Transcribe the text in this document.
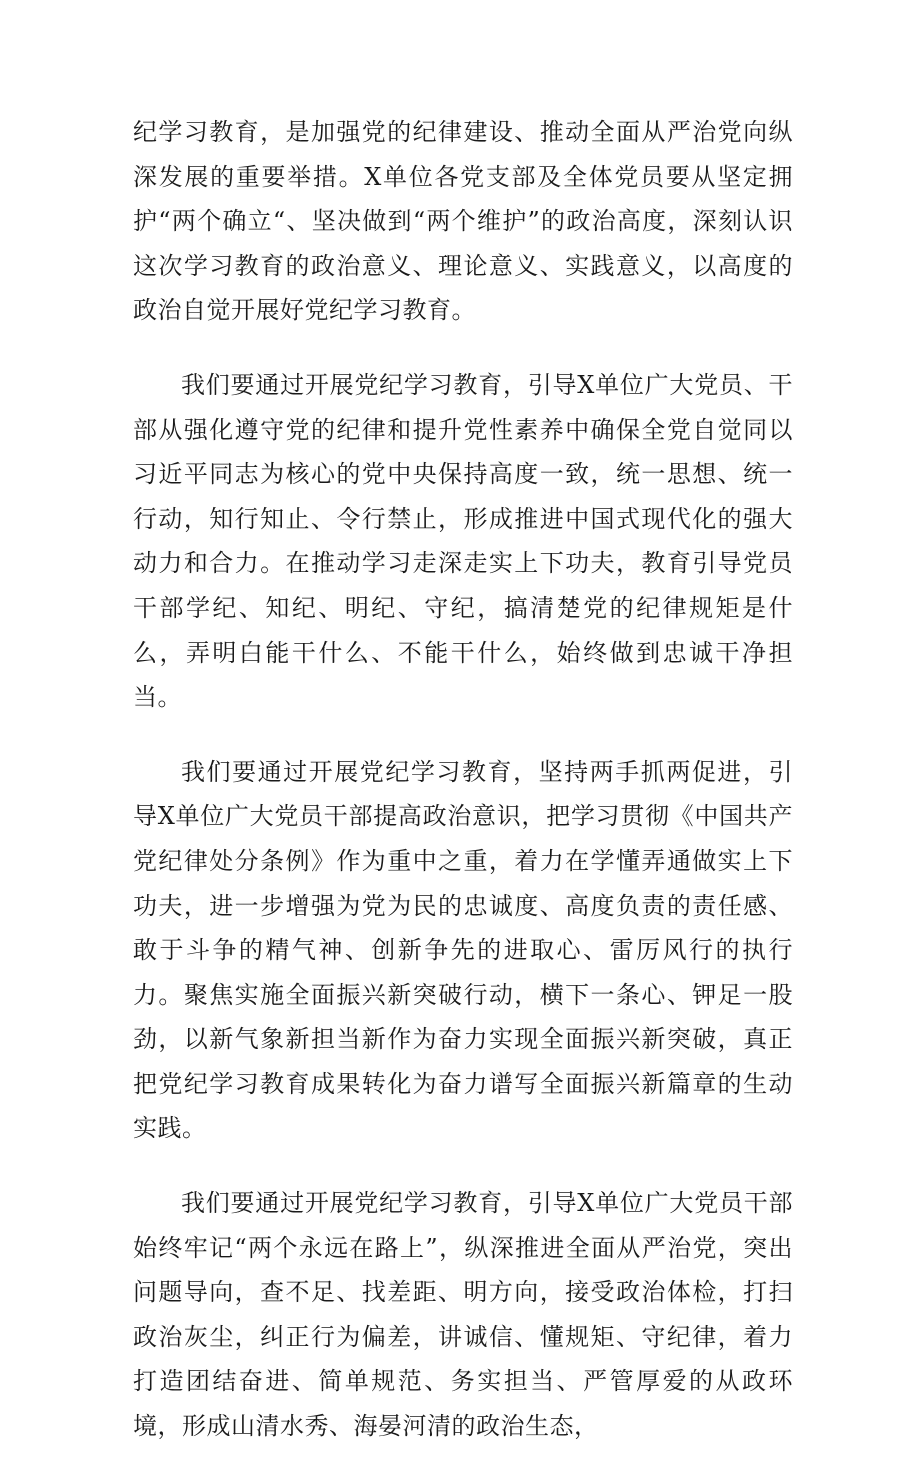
纪学习教育，是加强党的纪律建设、推动全面从严治党向纵深发展的重要举措。X单位各党支部及全体党员要从坚定拥护“两个确立“、坚决做到“两个维护”的政治高度，深刻认识这次学习教育的政治意义、理论意义、实践意义，以高度的政治自觉开展好党纪学习教育。

我们要通过开展党纪学习教育，引导X单位广大党员、干部从强化遵守党的纪律和提升党性素养中确保全党自觉同以习近平同志为核心的党中央保持高度一致，统一思想、统一行动，知行知止、令行禁止，形成推进中国式现代化的强大动力和合力。在推动学习走深走实上下功夫，教育引导党员干部学纪、知纪、明纪、守纪，搞清楚党的纪律规矩是什么，弄明白能干什么、不能干什么，始终做到忠诚干净担当。

我们要通过开展党纪学习教育，坚持两手抓两促进，引导X单位广大党员干部提高政治意识，把学习贯彻《中国共产党纪律处分条例》作为重中之重，着力在学懂弄通做实上下功夫，进一步增强为党为民的忠诚度、高度负责的责任感、敢于斗争的精气神、创新争先的进取心、雷厉风行的执行力。聚焦实施全面振兴新突破行动，横下一条心、钾足一股劲，以新气象新担当新作为奋力实现全面振兴新突破，真正把党纪学习教育成果转化为奋力谱写全面振兴新篇章的生动实践。

我们要通过开展党纪学习教育，引导X单位广大党员干部始终牢记“两个永远在路上”，纵深推进全面从严治党，突出问题导向，查不足、找差距、明方向，接受政治体检，打扫政治灰尘，纠正行为偏差，讲诚信、懂规矩、守纪律，着力打造团结奋进、简单规范、务实担当、严管厚爱的从政环境，形成山清水秀、海晏河清的政治生态，
